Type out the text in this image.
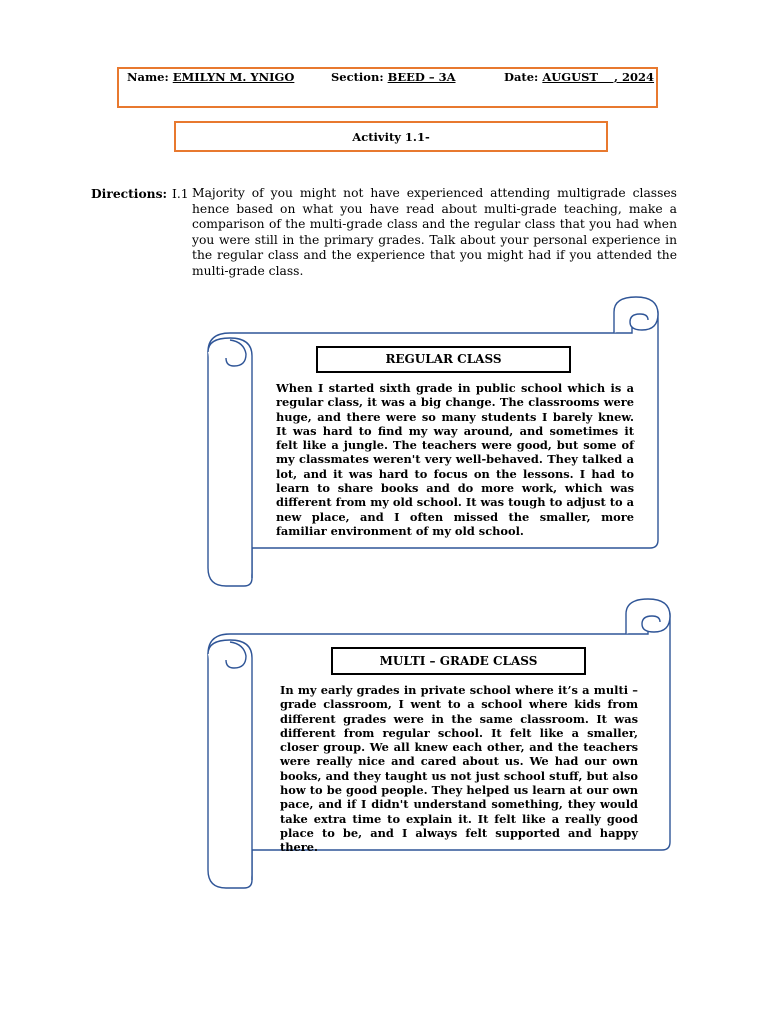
Name: EMILYN M. YNIGO	Section: BEED – 3A	Date: AUGUST    , 2024
Activity 1.1-
Directions: I.1 Majority of you might not have experienced attending multigrade classes hence based on what you have read about multi-grade teaching, make a comparison of the multi-grade class and the regular class that you had when you were still in the primary grades. Talk about your personal experience in the regular class and the experience that you might had if you attended the multi-grade class.
REGULAR CLASS
When I started sixth grade in public school which is a regular class, it was a big change. The classrooms were huge, and there were so many students I barely knew. It was hard to find my way around, and sometimes it felt like a jungle. The teachers were good, but some of my classmates weren't very well-behaved. They talked a lot, and it was hard to focus on the lessons. I had to learn to share books and do more work, which was different from my old school. It was tough to adjust to a new place, and I often missed the smaller, more familiar environment of my old school.
MULTI – GRADE CLASS
In my early grades in private school where it’s a multi – grade classroom, I went to a school where kids from different grades were in the same classroom. It was different from regular school. It felt like a smaller, closer group. We all knew each other, and the teachers were really nice and cared about us. We had our own books, and they taught us not just school stuff, but also how to be good people. They helped us learn at our own pace, and if I didn't understand something, they would take extra time to explain it. It felt like a really good place to be, and I always felt supported and happy there.
